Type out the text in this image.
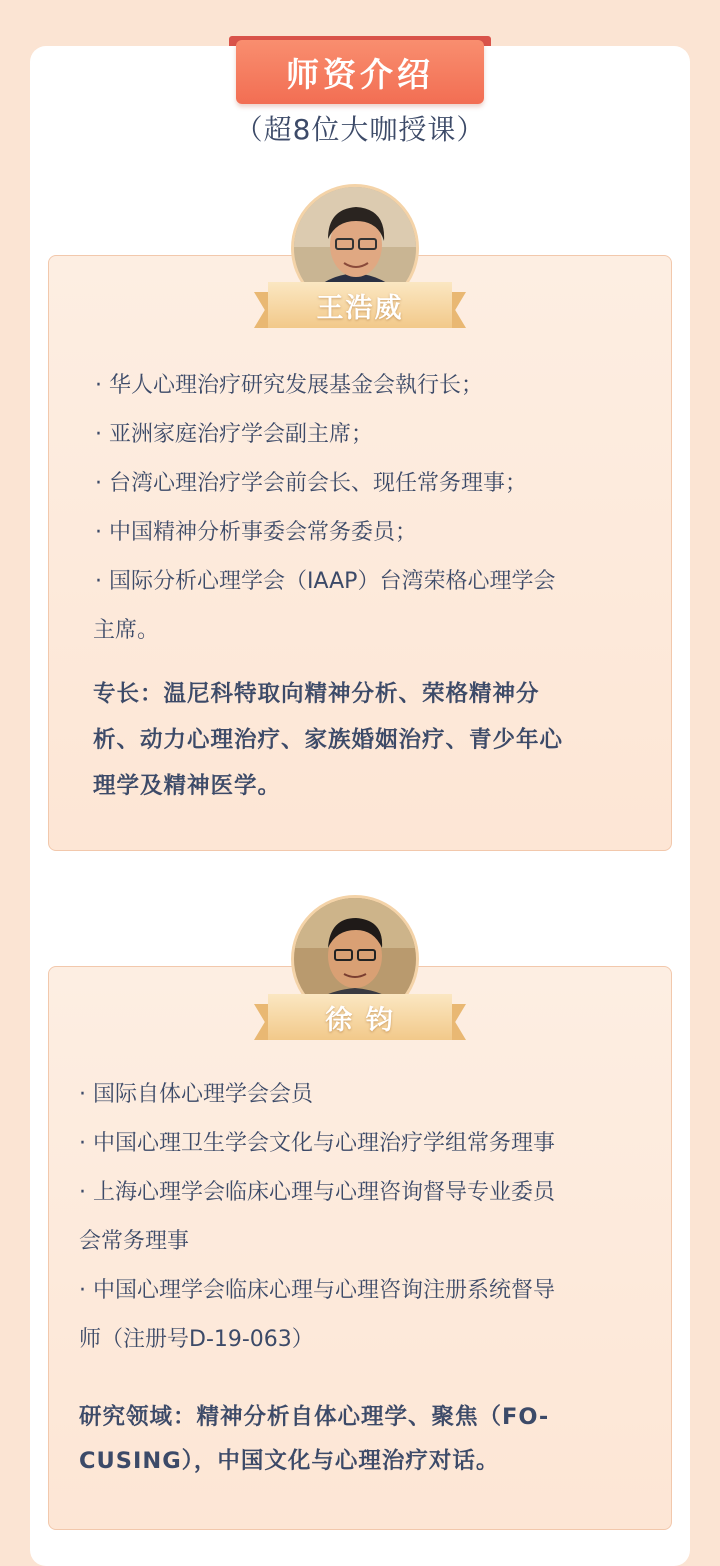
师资介绍
（超8位大咖授课）
· 华人心理治疗研究发展基金会執行长；
· 亚洲家庭治疗学会副主席；
· 台湾心理治疗学会前会长、现任常务理事；
· 中国精神分析事委会常务委员；
· 国际分析心理学会（IAAP）台湾荣格心理学会
主席。
专长：温尼科特取向精神分析、荣格精神分
析、动力心理治疗、家族婚姻治疗、青少年心
理学及精神医学。
王浩威
· 国际自体心理学会会员
· 中国心理卫生学会文化与心理治疗学组常务理事
· 上海心理学会临床心理与心理咨询督导专业委员
会常务理事
· 中国心理学会临床心理与心理咨询注册系统督导
师（注册号D-19-063）
研究领域：精神分析自体心理学、聚焦（FO-
CUSING），中国文化与心理治疗对话。
徐 钧
